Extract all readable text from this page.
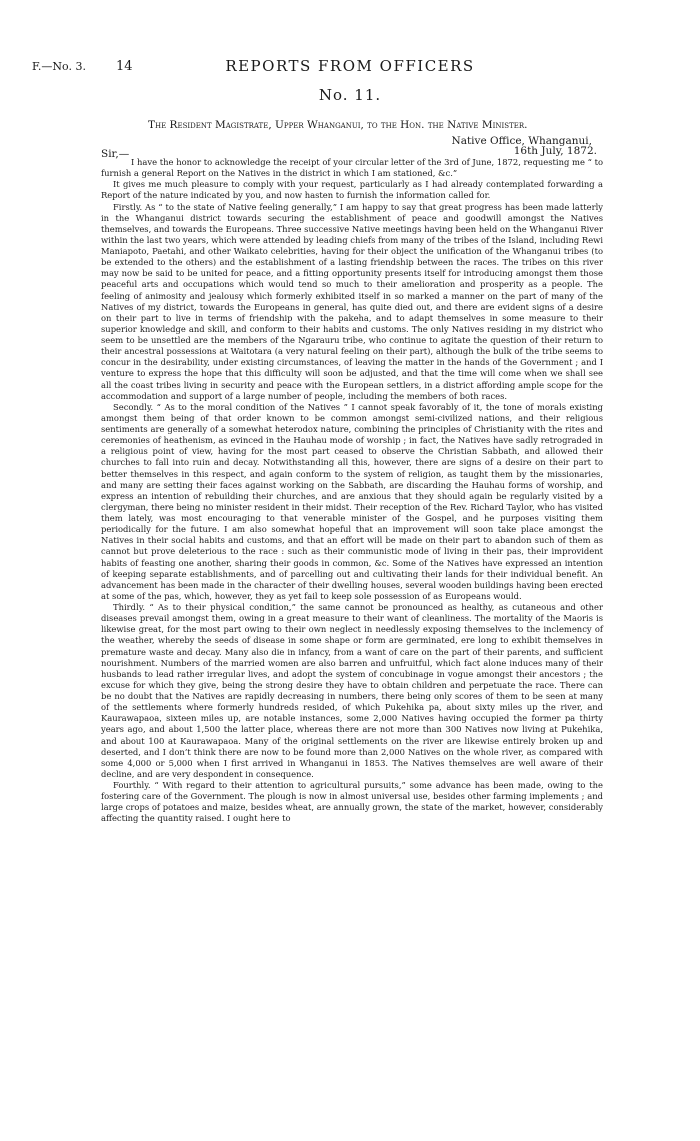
F.—No. 3. 14	REPORTS FROM OFFICERS
No. 11.
The Resident Magistrate, Upper Whanganui, to the Hon. the Native Minister.
Native Office, Whanganui,
Sir,—	16th July, 1872.

I have the honor to acknowledge the receipt of your circular letter of the 3rd of June, 1872, requesting me “ to furnish a general Report on the Natives in the district in which I am stationed, &c.”

It gives me much pleasure to comply with your request, particularly as I had already contemplated forwarding a Report of the nature indicated by you, and now hasten to furnish the information called for.

Firstly. As “ to the state of Native feeling generally,” I am happy to say that great progress has been made latterly in the Whanganui district towards securing the establishment of peace and goodwill amongst the Natives themselves, and towards the Europeans. Three successive Native meetings having been held on the Whanganui River within the last two years, which were attended by leading chiefs from many of the tribes of the Island, including Rewi Maniapoto, Paetahi, and other Waikato celebrities, having for their object the unification of the Whanganui tribes (to be extended to the others) and the establishment of a lasting friendship between the races. The tribes on this river may now be said to be united for peace, and a fitting opportunity presents itself for introducing amongst them those peaceful arts and occupations which would tend so much to their amelioration and prosperity as a people. The feeling of animosity and jealousy which formerly exhibited itself in so marked a manner on the part of many of the Natives of my district, towards the Europeans in general, has quite died out, and there are evident signs of a desire on their part to live in terms of friendship with the pakeha, and to adapt themselves in some measure to their superior knowledge and skill, and conform to their habits and customs. The only Natives residing in my district who seem to be unsettled are the members of the Ngarauru tribe, who continue to agitate the question of their return to their ancestral possessions at Waitotara (a very natural feeling on their part), although the bulk of the tribe seems to concur in the desirability, under existing circumstances, of leaving the matter in the hands of the Government ; and I venture to express the hope that this difficulty will soon be adjusted, and that the time will come when we shall see all the coast tribes living in security and peace with the European settlers, in a district affording ample scope for the accommodation and support of a large number of people, including the members of both races.

Secondly. “ As to the moral condition of the Natives ” I cannot speak favorably of it, the tone of morals existing amongst them being of that order known to be common amongst semi-civilized nations, and their religious sentiments are generally of a somewhat heterodox nature, combining the principles of Christianity with the rites and ceremonies of heathenism, as evinced in the Hauhau mode of worship ; in fact, the Natives have sadly retrograded in a religious point of view, having for the most part ceased to observe the Christian Sabbath, and allowed their churches to fall into ruin and decay. Notwithstanding all this, however, there are signs of a desire on their part to better themselves in this respect, and again conform to the system of religion, as taught them by the missionaries, and many are setting their faces against working on the Sabbath, are discarding the Hauhau forms of worship, and express an intention of rebuilding their churches, and are anxious that they should again be regularly visited by a clergyman, there being no minister resident in their midst. Their reception of the Rev. Richard Taylor, who has visited them lately, was most encouraging to that venerable minister of the Gospel, and he purposes visiting them periodically for the future. I am also somewhat hopeful that an improvement will soon take place amongst the Natives in their social habits and customs, and that an effort will be made on their part to abandon such of them as cannot but prove deleterious to the race : such as their communistic mode of living in their pas, their improvident habits of feasting one another, sharing their goods in common, &c. Some of the Natives have expressed an intention of keeping separate establishments, and of parcelling out and cultivating their lands for their individual benefit. An advancement has been made in the character of their dwelling houses, several wooden buildings having been erected at some of the pas, which, however, they as yet fail to keep sole possession of as Europeans would.

Thirdly. “ As to their physical condition,” the same cannot be pronounced as healthy, as cutaneous and other diseases prevail amongst them, owing in a great measure to their want of cleanliness. The mortality of the Maoris is likewise great, for the most part owing to their own neglect in needlessly exposing themselves to the inclemency of the weather, whereby the seeds of disease in some shape or form are germinated, ere long to exhibit themselves in premature waste and decay. Many also die in infancy, from a want of care on the part of their parents, and sufficient nourishment. Numbers of the married women are also barren and unfruitful, which fact alone induces many of their husbands to lead rather irregular lives, and adopt the system of concubinage in vogue amongst their ancestors ; the excuse for which they give, being the strong desire they have to obtain children and perpetuate the race. There can be no doubt that the Natives are rapidly decreasing in numbers, there being only scores of them to be seen at many of the settlements where formerly hundreds resided, of which Pukehika pa, about sixty miles up the river, and Kaurawapaoa, sixteen miles up, are notable instances, some 2,000 Natives having occupied the former pa thirty years ago, and about 1,500 the latter place, whereas there are not more than 300 Natives now living at Pukehika, and about 100 at Kaurawapaoa. Many of the original settlements on the river are likewise entirely broken up and deserted, and I don’t think there are now to be found more than 2,000 Natives on the whole river, as compared with some 4,000 or 5,000 when I first arrived in Whanganui in 1853. The Natives themselves are well aware of their decline, and are very despondent in consequence.

Fourthly. “ With regard to their attention to agricultural pursuits,” some advance has been made, owing to the fostering care of the Government. The plough is now in almost universal use, besides other farming implements ; and large crops of potatoes and maize, besides wheat, are annually grown, the state of the market, however, considerably affecting the quantity raised. I ought here to
